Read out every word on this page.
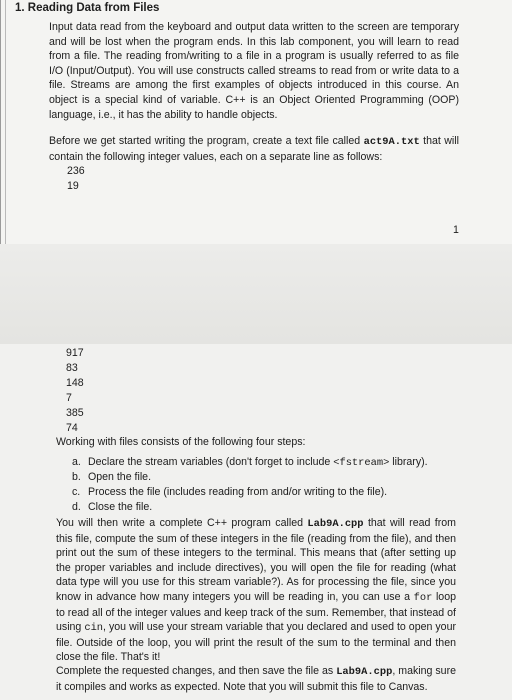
1. Reading Data from Files
Input data read from the keyboard and output data written to the screen are temporary and will be lost when the program ends. In this lab component, you will learn to read from a file. The reading from/writing to a file in a program is usually referred to as file I/O (Input/Output). You will use constructs called streams to read from or write data to a file. Streams are among the first examples of objects introduced in this course. An object is a special kind of variable. C++ is an Object Oriented Programming (OOP) language, i.e., it has the ability to handle objects.
Before we get started writing the program, create a text file called act9A.txt that will contain the following integer values, each on a separate line as follows:
236
19
1
917
83
148
7
385
74
Working with files consists of the following four steps:
a. Declare the stream variables (don't forget to include <fstream> library).
b. Open the file.
c. Process the file (includes reading from and/or writing to the file).
d. Close the file.
You will then write a complete C++ program called Lab9A.cpp that will read from this file, compute the sum of these integers in the file (reading from the file), and then print out the sum of these integers to the terminal. This means that (after setting up the proper variables and include directives), you will open the file for reading (what data type will you use for this stream variable?). As for processing the file, since you know in advance how many integers you will be reading in, you can use a for loop to read all of the integer values and keep track of the sum. Remember, that instead of using cin, you will use your stream variable that you declared and used to open your file. Outside of the loop, you will print the result of the sum to the terminal and then close the file. That's it!
Complete the requested changes, and then save the file as Lab9A.cpp, making sure it compiles and works as expected. Note that you will submit this file to Canvas.
